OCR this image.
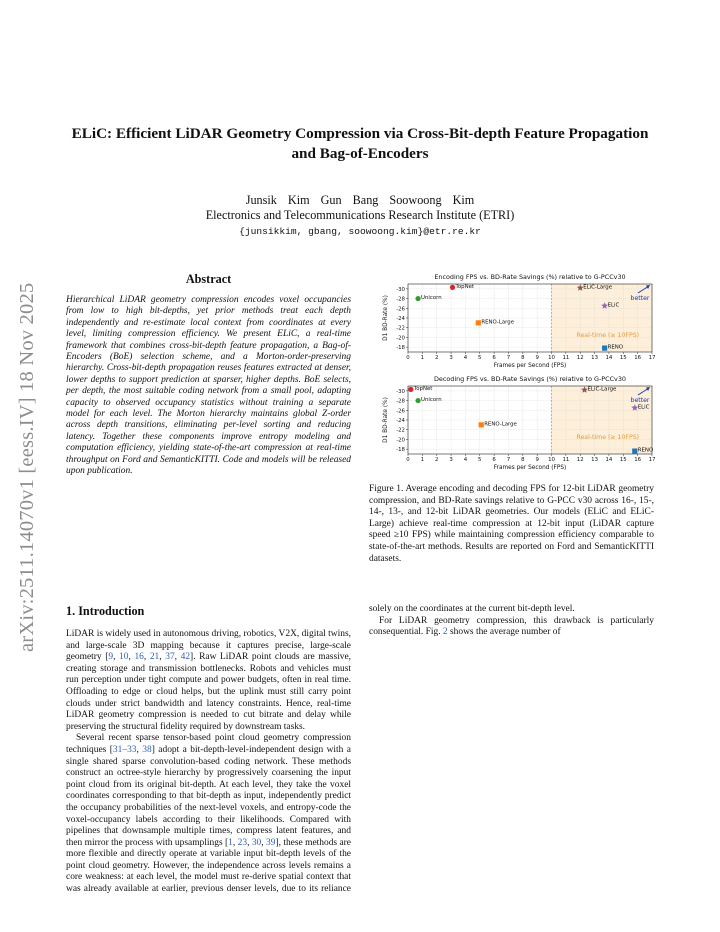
arXiv:2511.14070v1 [eess.IV] 18 Nov 2025
ELiC: Efficient LiDAR Geometry Compression via Cross-Bit-depth Feature Propagation and Bag-of-Encoders
Junsik Kim Gun Bang Soowoong Kim
Electronics and Telecommunications Research Institute (ETRI)
{junsikkim, gbang, soowoong.kim}@etr.re.kr
Abstract
Hierarchical LiDAR geometry compression encodes voxel occupancies from low to high bit-depths, yet prior methods treat each depth independently and re-estimate local context from coordinates at every level, limiting compression efficiency. We present ELiC, a real-time framework that combines cross-bit-depth feature propagation, a Bag-of-Encoders (BoE) selection scheme, and a Morton-order-preserving hierarchy. Cross-bit-depth propagation reuses features extracted at denser, lower depths to support prediction at sparser, higher depths. BoE selects, per depth, the most suitable coding network from a small pool, adapting capacity to observed occupancy statistics without training a separate model for each level. The Morton hierarchy maintains global Z-order across depth transitions, eliminating per-level sorting and reducing latency. Together these components improve entropy modeling and computation efficiency, yielding state-of-the-art compression at real-time throughput on Ford and SemanticKITTI. Code and models will be released upon publication.
Encoding FPS vs. BD-Rate Savings (%) relative to G-PCCv30
0 1 2 3 4 5 6 7 8 9 10 11 12 13 14 15 16 17
-30
-28
-26
-24
-22
-20
-18
Real-time (≥ 10FPS)
better
TopNet
Unicorn
RENO-Large
ELiC-Large
ELiC
RENO
Frames per Second (FPS)
D1 BD-Rate (%)
Decoding FPS vs. BD-Rate Savings (%) relative to G-PCCv30
0 1 2 3 4 5 6 7 8 9 10 11 12 13 14 15 16 17
-30
-28
-26
-24
-22
-20
-18
Real-time (≥ 10FPS)
better
TopNet
Unicorn
RENO-Large
ELiC-Large
ELiC
RENO
Frames per Second (FPS)
D1 BD-Rate (%)
Figure 1. Average encoding and decoding FPS for 12-bit LiDAR geometry compression, and BD-Rate savings relative to G-PCC v30 across 16-, 15-, 14-, 13-, and 12-bit LiDAR geometries. Our models (ELiC and ELiC-Large) achieve real-time compression at 12-bit input (LiDAR capture speed ≥10 FPS) while maintaining compression efficiency comparable to state-of-the-art methods. Results are reported on Ford and SemanticKITTI datasets.
1. Introduction

LiDAR is widely used in autonomous driving, robotics, V2X, digital twins, and large-scale 3D mapping because it captures precise, large-scale geometry [9, 10, 16, 21, 37, 42]. Raw LiDAR point clouds are massive, creating storage and transmission bottlenecks. Robots and vehicles must run perception under tight compute and power budgets, often in real time. Offloading to edge or cloud helps, but the uplink must still carry point clouds under strict bandwidth and latency constraints. Hence, real-time LiDAR geometry compression is needed to cut bitrate and delay while preserving the structural fidelity required by downstream tasks.

Several recent sparse tensor-based point cloud geometry compression techniques [31–33, 38] adopt a bit-depth-level-independent design with a single shared sparse convolution-based coding network. These methods construct an octree-style hierarchy by progressively coarsening the input point cloud from its original bit-depth. At each level, they take the voxel coordinates corresponding to that bit-depth as input, independently predict the occupancy probabilities of the next-level voxels, and entropy-code the voxel-occupancy labels according to their likelihoods. Compared with pipelines that downsample multiple times, compress latent features, and then mirror the process with upsamplings [1, 23, 30, 39], these methods are more flexible and directly operate at variable input bit-depth levels of the point cloud geometry. However, the independence across levels remains a core weakness: at each level, the model must re-derive spatial context that was already available at earlier, previous denser levels, due to its reliance

solely on the coordinates at the current bit-depth level.

For LiDAR geometry compression, this drawback is particularly consequential. Fig. 2 shows the average number of
